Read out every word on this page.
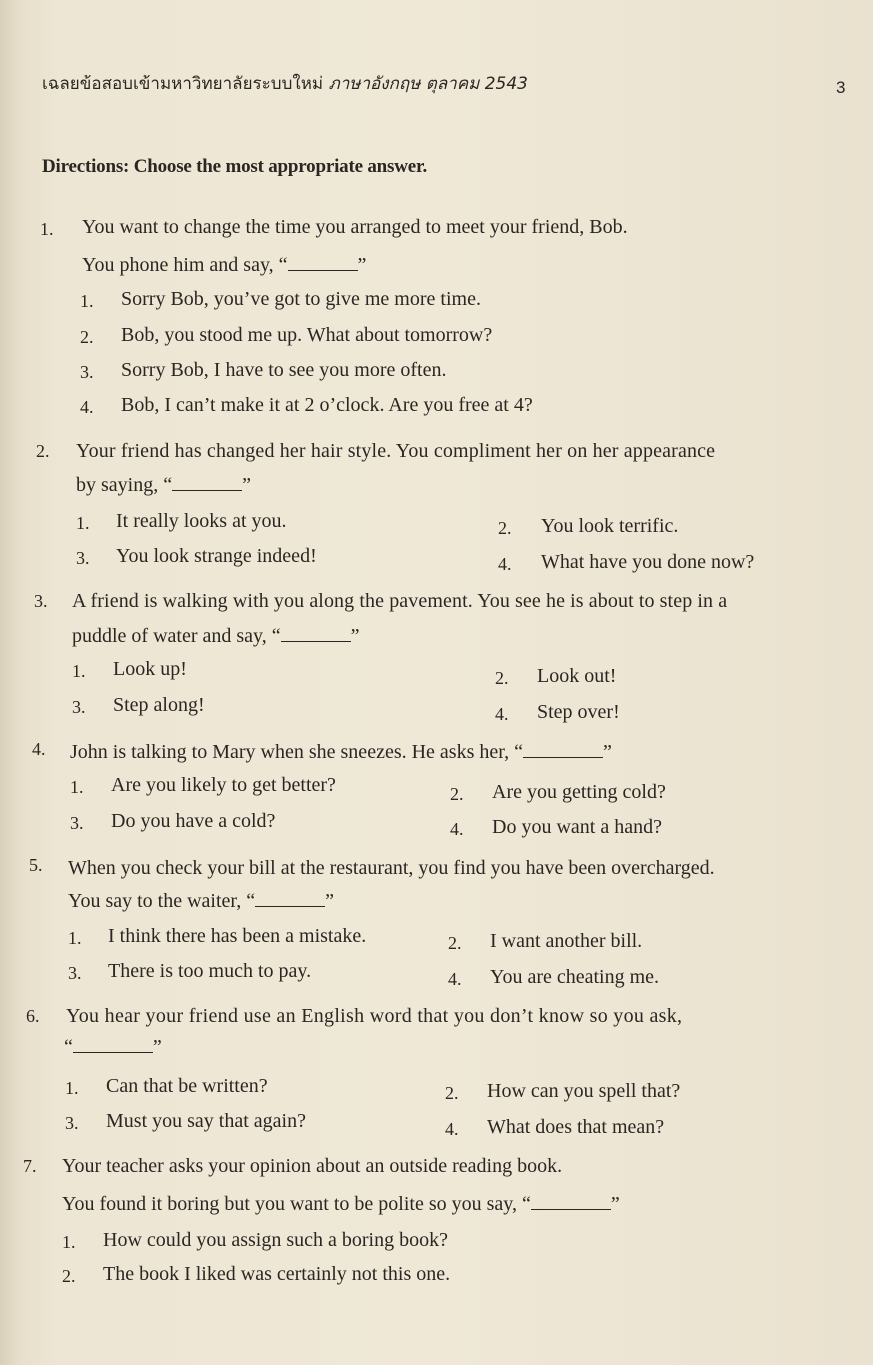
เฉลยข้อสอบเข้ามหาวิทยาลัยระบบใหม่ ภาษาอังกฤษ ตุลาคม 2543	3
Directions: Choose the most appropriate answer.
1. You want to change the time you arranged to meet your friend, Bob.
You phone him and say, “	”
1. Sorry Bob, you’ve got to give me more time.
2. Bob, you stood me up. What about tomorrow?
3. Sorry Bob, I have to see you more often.
4. Bob, I can’t make it at 2 o’clock. Are you free at 4?
2. Your friend has changed her hair style. You compliment her on her appearance
by saying, “	”
1. It really looks at you.	2. You look terrific.
3. You look strange indeed!	4. What have you done now?
3. A friend is walking with you along the pavement. You see he is about to step in a
puddle of water and say, “	”
1. Look up!	2. Look out!
3. Step along!	4. Step over!
4. John is talking to Mary when she sneezes. He asks her, “	”
1. Are you likely to get better?	2. Are you getting cold?
3. Do you have a cold?	4. Do you want a hand?
5. When you check your bill at the restaurant, you find you have been overcharged.
You say to the waiter, “	”
1. I think there has been a mistake.	2. I want another bill.
3. There is too much to pay.	4. You are cheating me.
6. You hear your friend use an English word that you don’t know so you ask,
“	”
1. Can that be written?	2. How can you spell that?
3. Must you say that again?	4. What does that mean?
7. Your teacher asks your opinion about an outside reading book.
You found it boring but you want to be polite so you say, “	”
1. How could you assign such a boring book?
2. The book I liked was certainly not this one.
